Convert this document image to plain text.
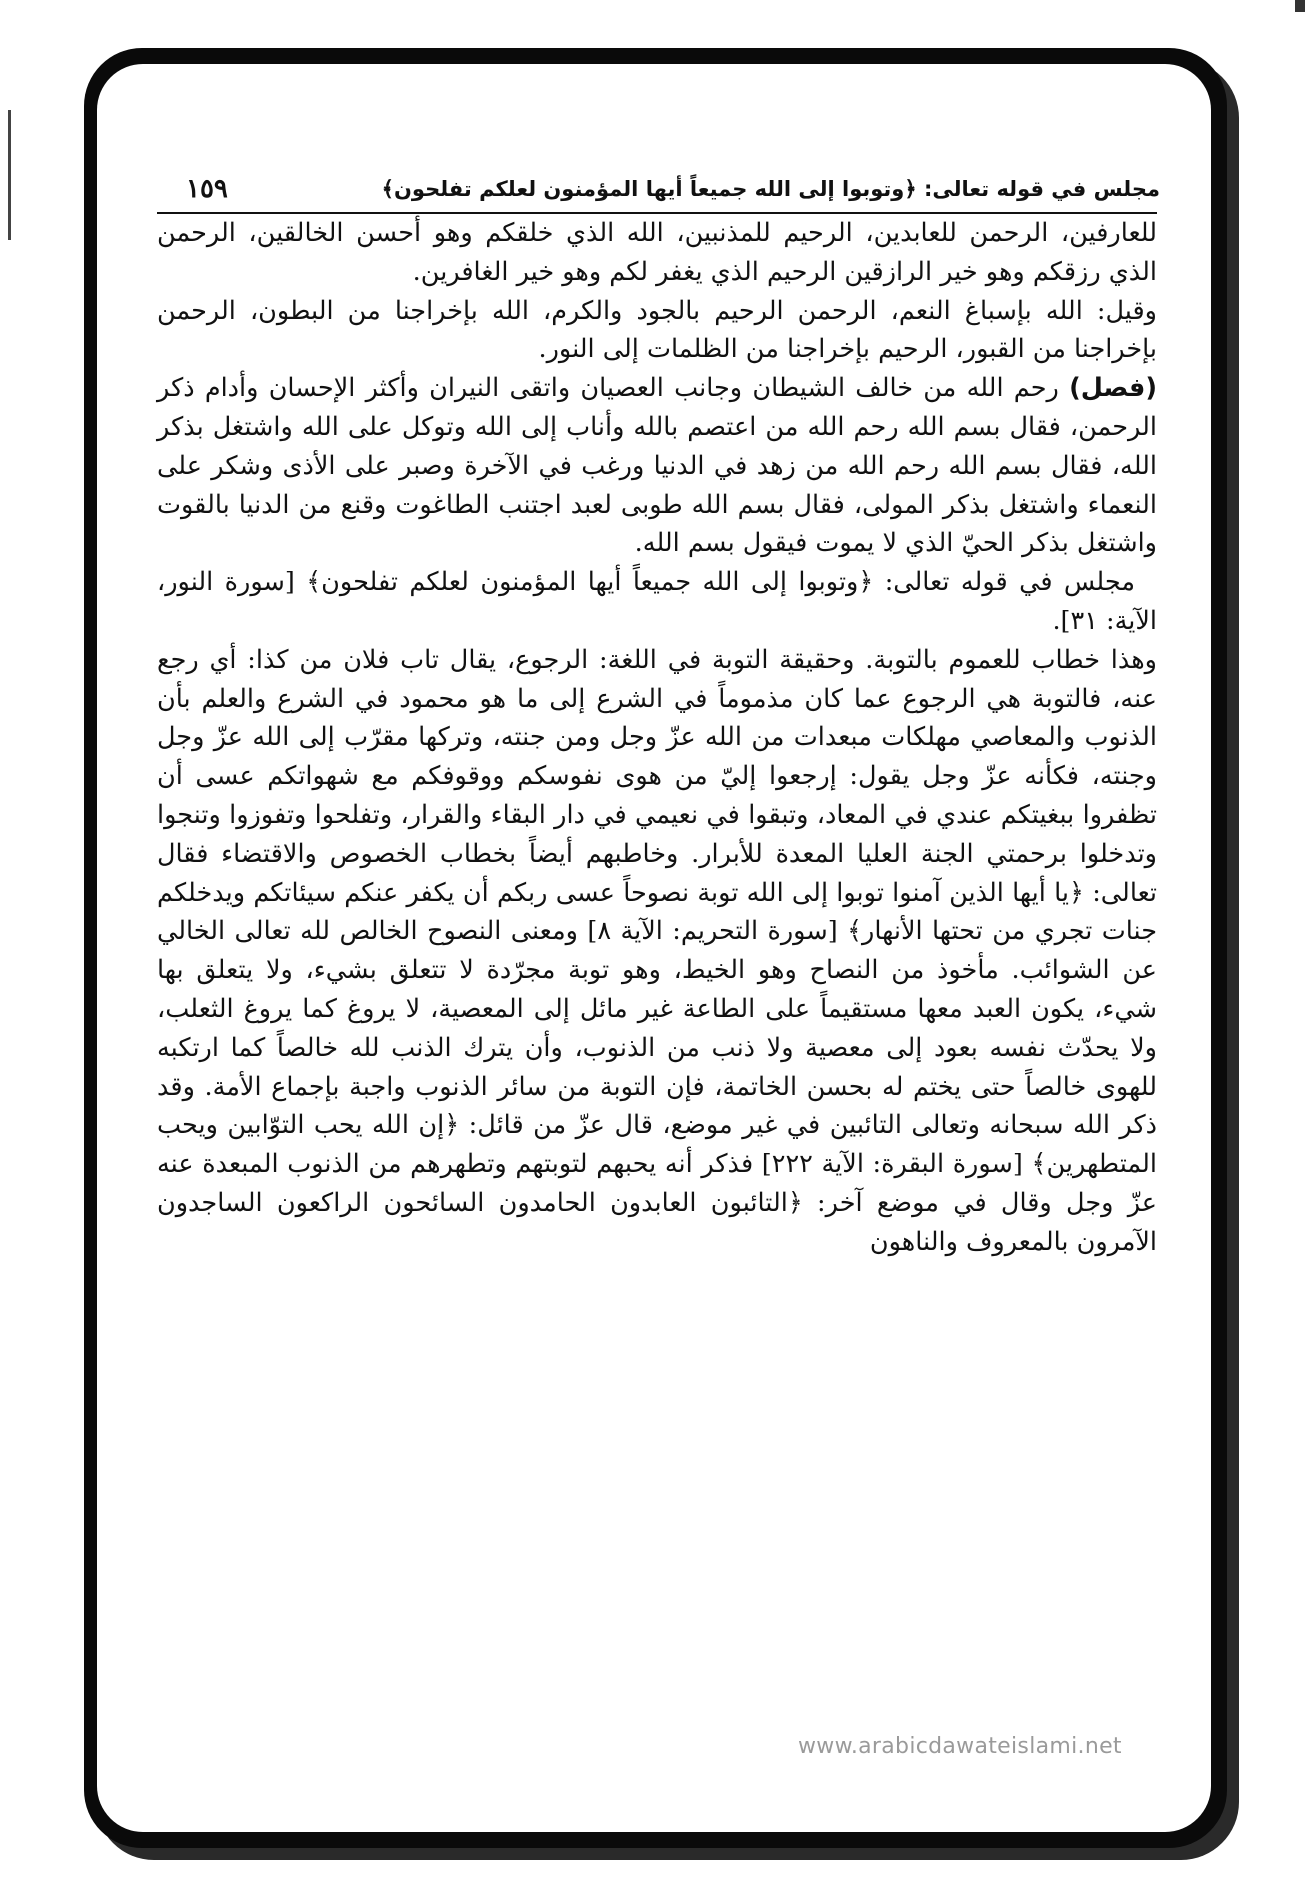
مجلس في قوله تعالى: ﴿وتوبوا إلى الله جميعاً أيها المؤمنون لعلكم تفلحون﴾
١٥٩

للعارفين، الرحمن للعابدين، الرحيم للمذنبين، الله الذي خلقكم وهو أحسن الخالقين، الرحمن الذي رزقكم وهو خير الرازقين الرحيم الذي يغفر لكم وهو خير الغافرين.

وقيل: الله بإسباغ النعم، الرحمن الرحيم بالجود والكرم، الله بإخراجنا من البطون، الرحمن بإخراجنا من القبور، الرحيم بإخراجنا من الظلمات إلى النور.

(فصل) رحم الله من خالف الشيطان وجانب العصيان واتقى النيران وأكثر الإحسان وأدام ذكر الرحمن، فقال بسم الله رحم الله من اعتصم بالله وأناب إلى الله وتوكل على الله واشتغل بذكر الله، فقال بسم الله رحم الله من زهد في الدنيا ورغب في الآخرة وصبر على الأذى وشكر على النعماء واشتغل بذكر المولى، فقال بسم الله طوبى لعبد اجتنب الطاغوت وقنع من الدنيا بالقوت واشتغل بذكر الحيّ الذي لا يموت فيقول بسم الله.

مجلس في قوله تعالى: ﴿وتوبوا إلى الله جميعاً أيها المؤمنون لعلكم تفلحون﴾ [سورة النور، الآية: ٣١].

وهذا خطاب للعموم بالتوبة. وحقيقة التوبة في اللغة: الرجوع، يقال تاب فلان من كذا: أي رجع عنه، فالتوبة هي الرجوع عما كان مذموماً في الشرع إلى ما هو محمود في الشرع والعلم بأن الذنوب والمعاصي مهلكات مبعدات من الله عزّ وجل ومن جنته، وتركها مقرّب إلى الله عزّ وجل وجنته، فكأنه عزّ وجل يقول: إرجعوا إليّ من هوى نفوسكم ووقوفكم مع شهواتكم عسى أن تظفروا ببغيتكم عندي في المعاد، وتبقوا في نعيمي في دار البقاء والقرار، وتفلحوا وتفوزوا وتنجوا وتدخلوا برحمتي الجنة العليا المعدة للأبرار. وخاطبهم أيضاً بخطاب الخصوص والاقتضاء فقال تعالى: ﴿يا أيها الذين آمنوا توبوا إلى الله توبة نصوحاً عسى ربكم أن يكفر عنكم سيئاتكم ويدخلكم جنات تجري من تحتها الأنهار﴾ [سورة التحريم: الآية ٨] ومعنى النصوح الخالص لله تعالى الخالي عن الشوائب. مأخوذ من النصاح وهو الخيط، وهو توبة مجرّدة لا تتعلق بشيء، ولا يتعلق بها شيء، يكون العبد معها مستقيماً على الطاعة غير مائل إلى المعصية، لا يروغ كما يروغ الثعلب، ولا يحدّث نفسه بعود إلى معصية ولا ذنب من الذنوب، وأن يترك الذنب لله خالصاً كما ارتكبه للهوى خالصاً حتى يختم له بحسن الخاتمة، فإن التوبة من سائر الذنوب واجبة بإجماع الأمة. وقد ذكر الله سبحانه وتعالى التائبين في غير موضع، قال عزّ من قائل: ﴿إن الله يحب التوّابين ويحب المتطهرين﴾ [سورة البقرة: الآية ٢٢٢] فذكر أنه يحبهم لتوبتهم وتطهرهم من الذنوب المبعدة عنه عزّ وجل وقال في موضع آخر: ﴿التائبون العابدون الحامدون السائحون الراكعون الساجدون الآمرون بالمعروف والناهون

www.arabicdawateislami.net
